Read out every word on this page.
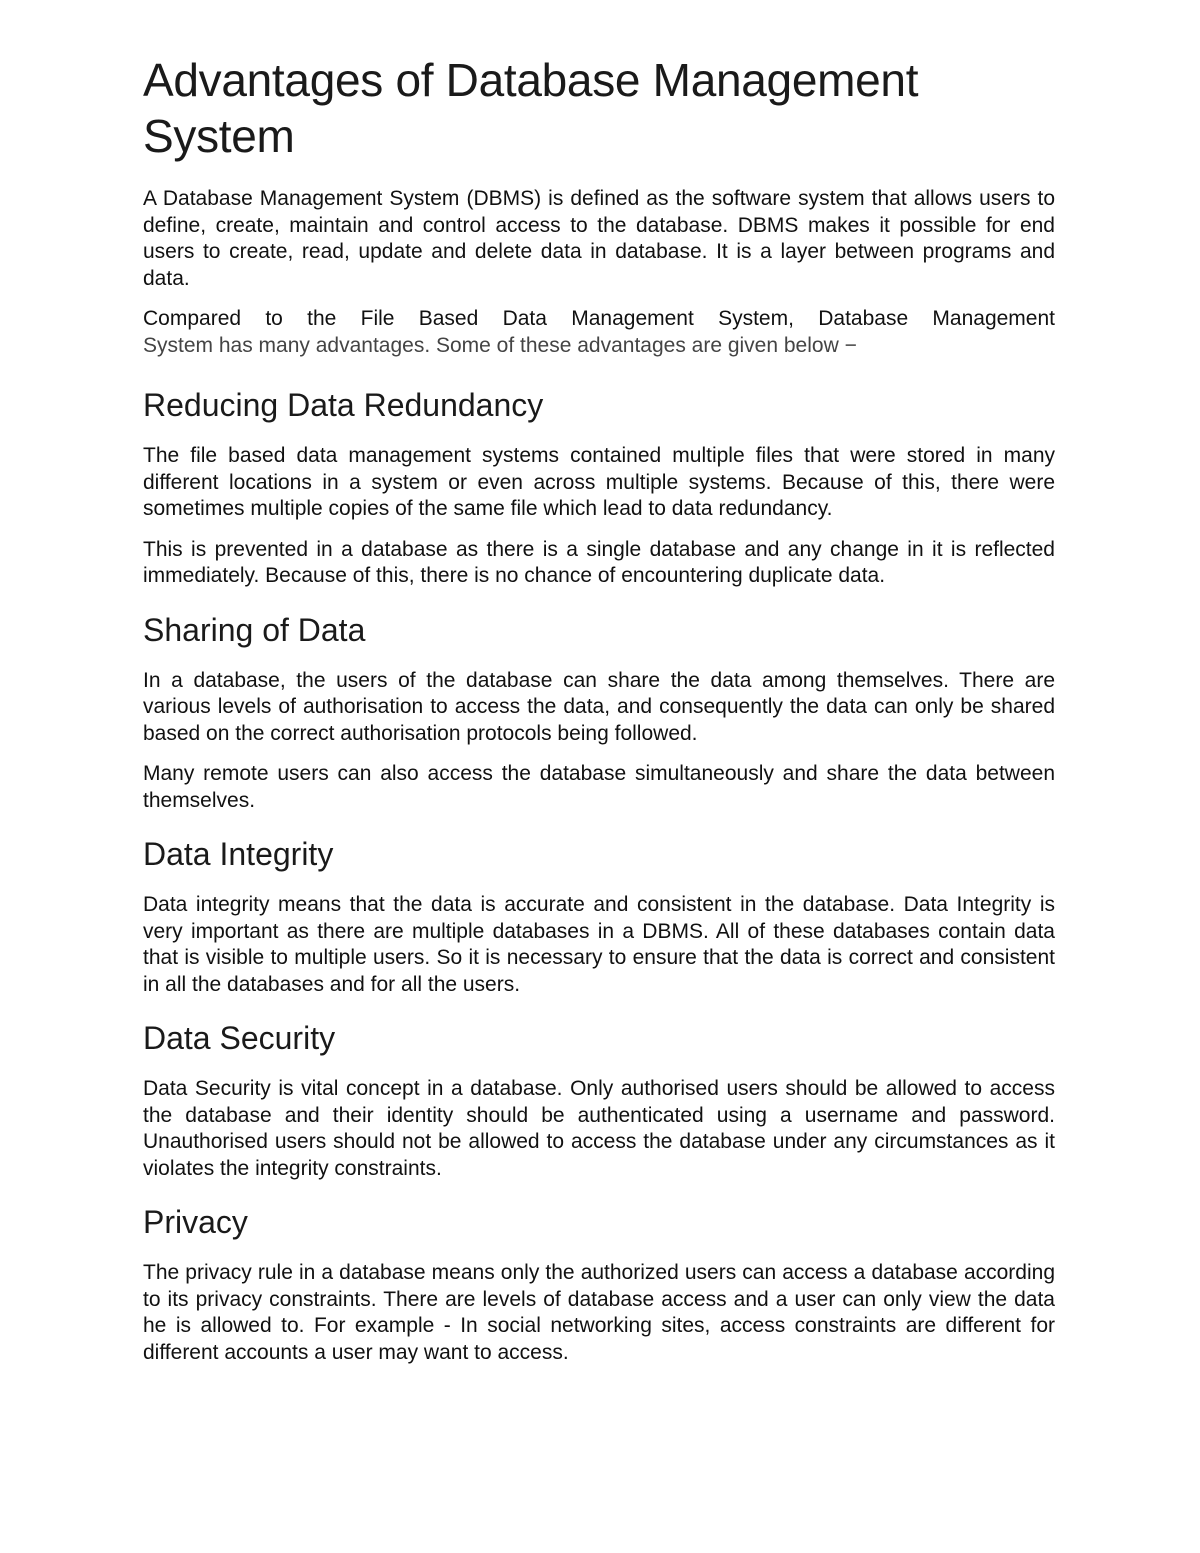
Advantages of Database Management System

A Database Management System (DBMS) is defined as the software system that allows users to define, create, maintain and control access to the database. DBMS makes it possible for end users to create, read, update and delete data in database. It is a layer between programs and data.

Compared to the File Based Data Management System, Database Management
System has many advantages. Some of these advantages are given below −

Reducing Data Redundancy

The file based data management systems contained multiple files that were stored in many different locations in a system or even across multiple systems. Because of this, there were sometimes multiple copies of the same file which lead to data redundancy.

This is prevented in a database as there is a single database and any change in it is reflected immediately. Because of this, there is no chance of encountering duplicate data.

Sharing of Data

In a database, the users of the database can share the data among themselves. There are various levels of authorisation to access the data, and consequently the data can only be shared based on the correct authorisation protocols being followed.

Many remote users can also access the database simultaneously and share the data between themselves.

Data Integrity

Data integrity means that the data is accurate and consistent in the database. Data Integrity is very important as there are multiple databases in a DBMS. All of these databases contain data that is visible to multiple users. So it is necessary to ensure that the data is correct and consistent in all the databases and for all the users.

Data Security

Data Security is vital concept in a database. Only authorised users should be allowed to access the database and their identity should be authenticated using a username and password. Unauthorised users should not be allowed to access the database under any circumstances as it violates the integrity constraints.

Privacy

The privacy rule in a database means only the authorized users can access a database according to its privacy constraints. There are levels of database access and a user can only view the data he is allowed to. For example - In social networking sites, access constraints are different for different accounts a user may want to access.
